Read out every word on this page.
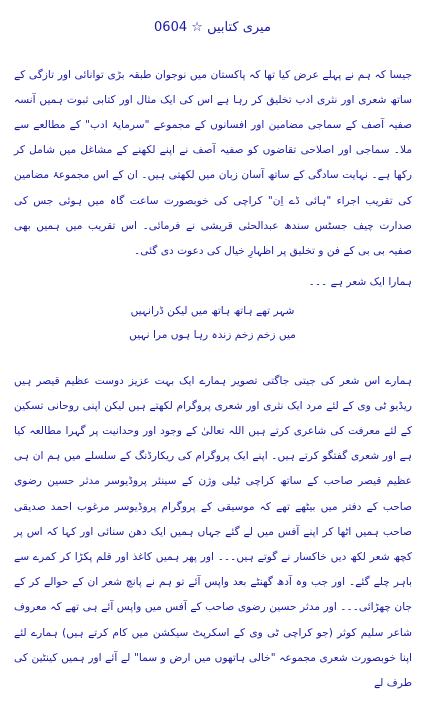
میری کتابیں ☆ 0604

جیسا کہ ہم نے پہلے عرض کیا تھا کہ پاکستان میں نوجوان طبقہ بڑی توانائی اور تازگی کے ساتھ شعری اور نثری ادب تخلیق کر رہا ہے اس کی ایک مثال اور کتابی ثبوت ہمیں آنسہ صفیہ آصف کے سماجی مضامین اور افسانوں کے مجموعے "سرمایۂ ادب" کے مطالعے سے ملا۔ سماجی اور اصلاحی تقاضوں کو صفیہ آصف نے اپنے لکھنے کے مشاغل میں شامل کر رکھا ہے۔ نہایت سادگی کے ساتھ آسان زبان میں لکھتی ہیں۔ ان کے اس مجموعۂ مضامین کی تقریب اجراء "ہائی ڈے اِن" کراچی کی خوبصورت ساعت گاہ میں ہوئی جس کی صدارت چیف جسٹس سندھ عبدالحئی قریشی نے فرمائی۔ اس تقریب میں ہمیں بھی صفیہ بی بی کے فن و تخلیق پر اظہارِ خیال کی دعوت دی گئی۔

ہمارا ایک شعر ہے ۔۔۔

شہر تھے ہاتھ ہاتھ میں لیکن ڈرانہیں
میں زخم زخم زندہ رہا ہوں مرا نہیں

ہمارے اس شعر کی جیتی جاگتی تصویر ہمارے ایک بہت عزیز دوست عظیم قیصر ہیں ریڈیو ٹی وی کے لئے مرد ایک نثری اور شعری پروگرام لکھتے ہیں لیکن اپنی روحانی تسکین کے لئے معرفت کی شاعری کرتے ہیں اللہ تعالیٰ کے وجود اور وحدانیت پر گہرا مطالعہ کیا ہے اور شعری گفتگو کرتے ہیں۔ اپنے ایک پروگرام کی ریکارڈنگ کے سلسلے میں ہم ان ہی عظیم قیصر صاحب کے ساتھ کراچی ٹیلی وژن کے سینئر پروڈیوسر مدثر حسین رضوی صاحب کے دفتر میں بیٹھے تھے کہ موسیقی کے پروگرام پروڈیوسر مرغوب احمد صدیقی صاحب ہمیں اٹھا کر اپنے آفس میں لے گئے جہاں ہمیں ایک دھن سنائی اور کہا کہ اس پر کچھ شعر لکھ دیں خاکسار نے گوتے ہیں۔۔۔ اور پھر ہمیں کاغذ اور قلم پکڑا کر کمرے سے باہر چلے گئے۔ اور جب وہ آدھ گھنٹے بعد واپس آئے تو ہم نے پانچ شعر ان کے حوالے کر کے جان چھڑائی۔۔۔ اور مدثر حسین رضوی صاحب کے آفس میں واپس آئے ہی تھے کہ معروف شاعر سلیم کوثر (جو کراچی ٹی وی کے اسکرپٹ سیکشن میں کام کرتے ہیں) ہمارے لئے اپنا خوبصورت شعری مجموعہ "خالی ہاتھوں میں ارض و سما" لے آئے اور ہمیں کینٹین کی طرف لے
